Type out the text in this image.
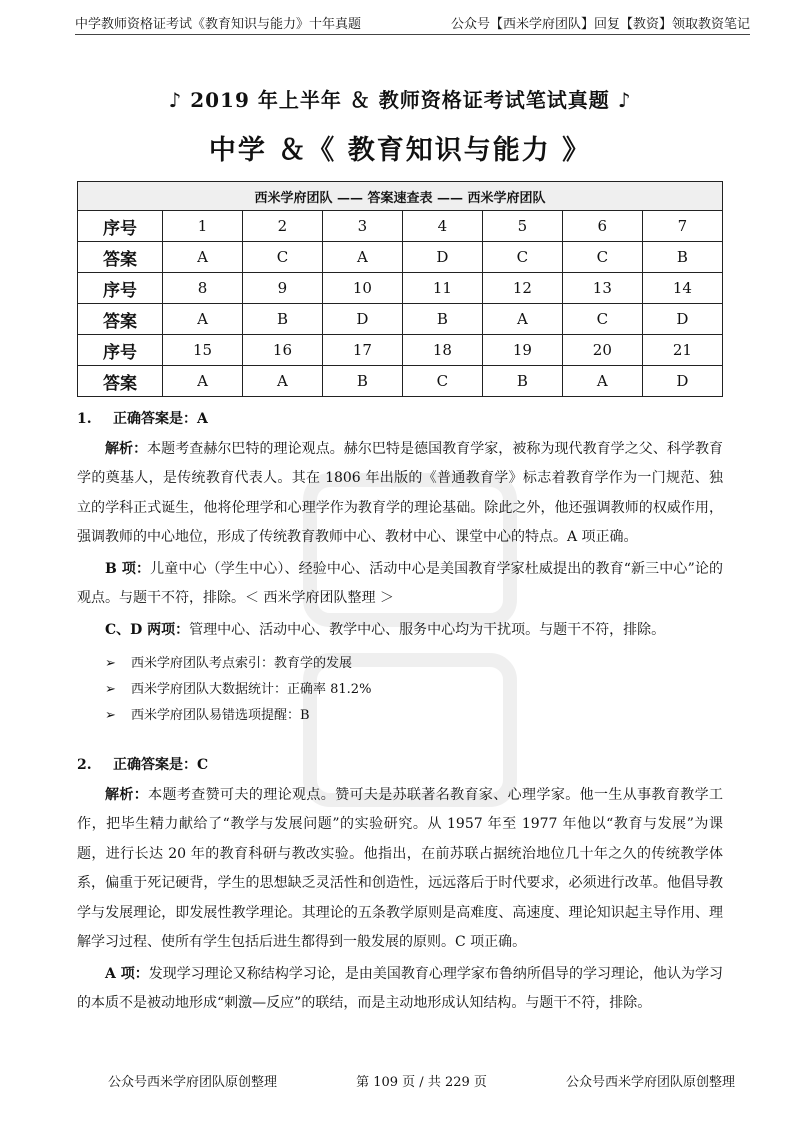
中学教师资格证考试《教育知识与能力》十年真题	公众号【西米学府团队】回复【教资】领取教资笔记
♪ 2019 年上半年 ＆ 教师资格证考试笔试真题 ♪
中学 ＆《 教育知识与能力 》
西米学府团队 —— 答案速查表 —— 西米学府团队							
序号	1	2	3	4	5	6	7
答案	A	C	A	D	C	C	B
序号	8	9	10	11	12	13	14
答案	A	B	D	B	A	C	D
序号	15	16	17	18	19	20	21
答案	A	A	B	C	B	A	D
1. 正确答案是：A

解析：本题考查赫尔巴特的理论观点。赫尔巴特是德国教育学家，被称为现代教育学之父、科学教育学的奠基人，是传统教育代表人。其在 1806 年出版的《普通教育学》标志着教育学作为一门规范、独立的学科正式诞生，他将伦理学和心理学作为教育学的理论基础。除此之外，他还强调教师的权威作用，强调教师的中心地位，形成了传统教育教师中心、教材中心、课堂中心的特点。A 项正确。

B 项：儿童中心（学生中心）、经验中心、活动中心是美国教育学家杜威提出的教育“新三中心”论的观点。与题干不符，排除。＜ 西米学府团队整理 ＞

C、D 两项：管理中心、活动中心、教学中心、服务中心均为干扰项。与题干不符，排除。

➢ 西米学府团队考点索引：教育学的发展
➢ 西米学府团队大数据统计：正确率 81.2%
➢ 西米学府团队易错选项提醒：B
2. 正确答案是：C

解析：本题考查赞可夫的理论观点。赞可夫是苏联著名教育家、心理学家。他一生从事教育教学工作，把毕生精力献给了“教学与发展问题”的实验研究。从 1957 年至 1977 年他以“教育与发展”为课题，进行长达 20 年的教育科研与教改实验。他指出，在前苏联占据统治地位几十年之久的传统教学体系，偏重于死记硬背，学生的思想缺乏灵活性和创造性，远远落后于时代要求，必须进行改革。他倡导教学与发展理论，即发展性教学理论。其理论的五条教学原则是高难度、高速度、理论知识起主导作用、理解学习过程、使所有学生包括后进生都得到一般发展的原则。C 项正确。

A 项：发现学习理论又称结构学习论，是由美国教育心理学家布鲁纳所倡导的学习理论，他认为学习的本质不是被动地形成“刺激—反应”的联结，而是主动地形成认知结构。与题干不符，排除。

公众号西米学府团队原创整理	第 109 页 / 共 229 页	公众号西米学府团队原创整理
